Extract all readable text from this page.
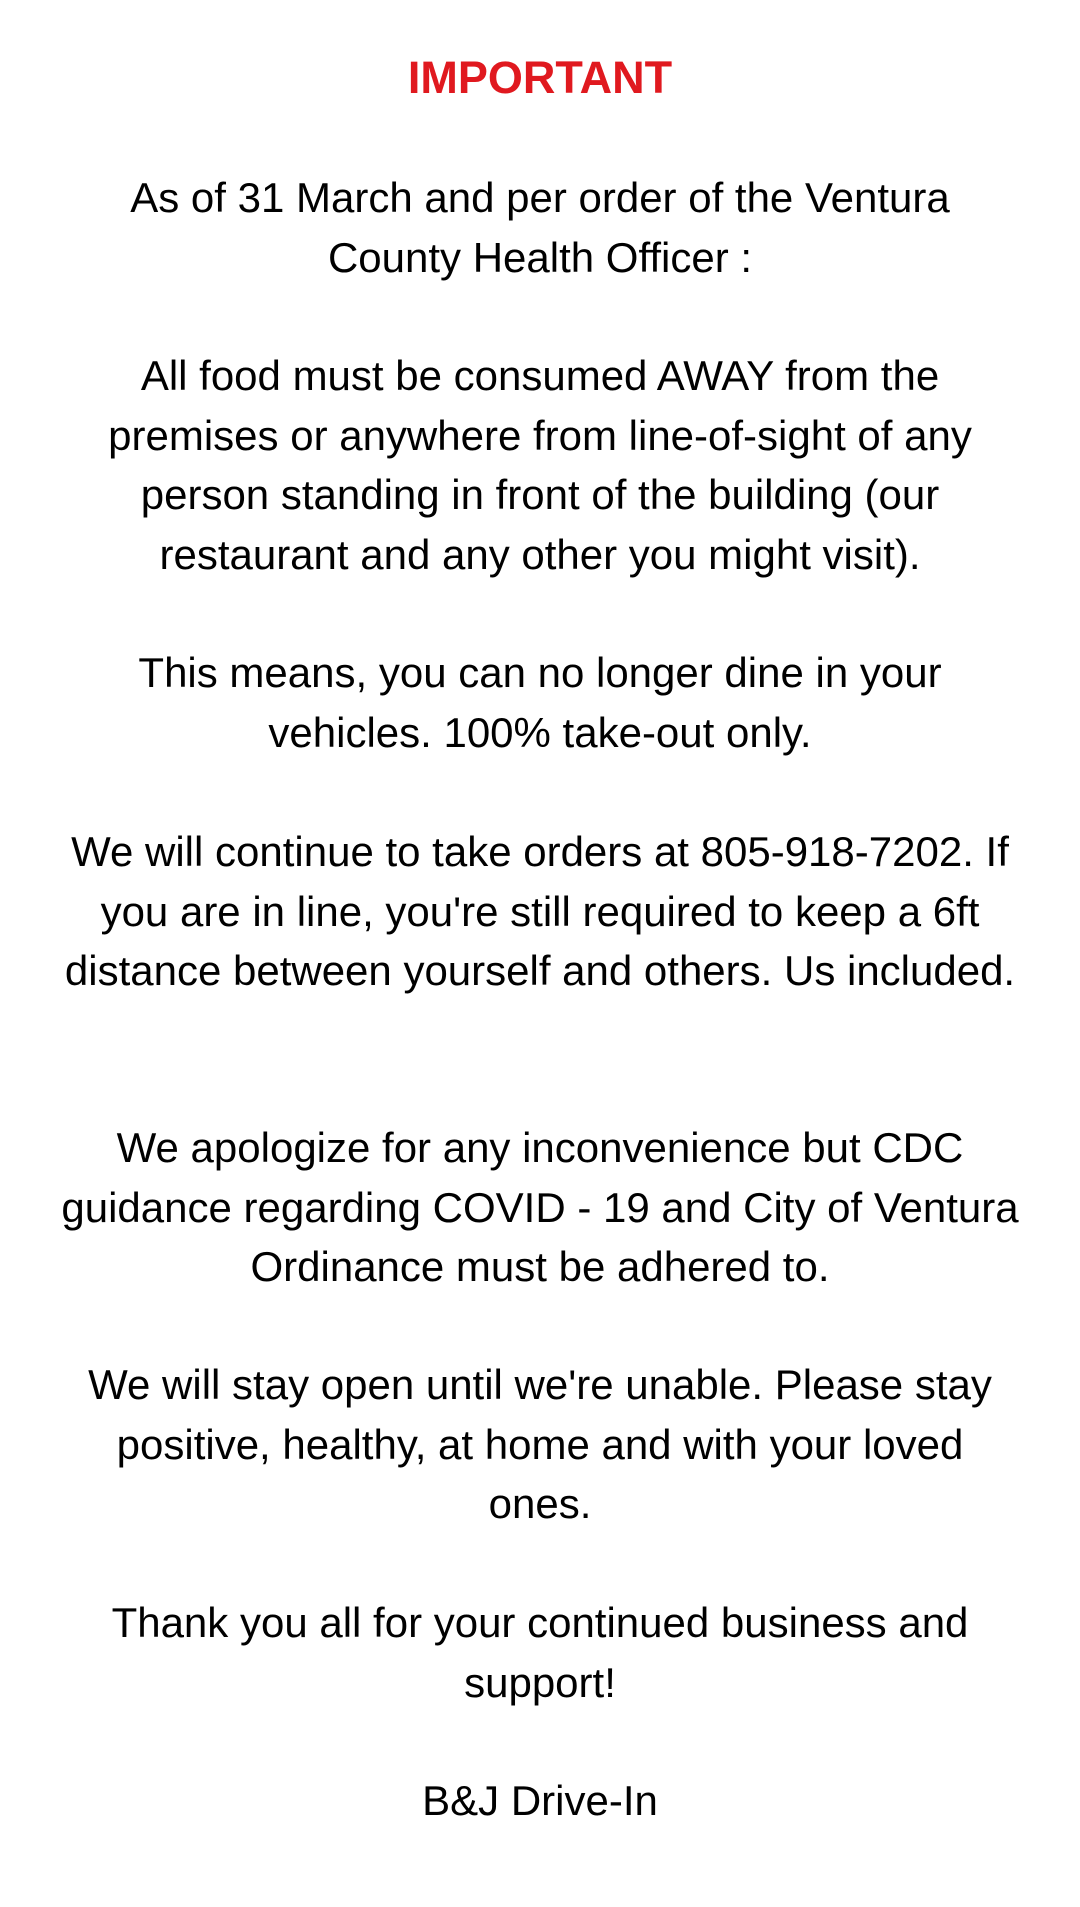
IMPORTANT

As of 31 March and per order of the Ventura County Health Officer :

All food must be consumed AWAY from the premises or anywhere from line-of-sight of any person standing in front of the building (our restaurant and any other you might visit).

This means, you can no longer dine in your vehicles. 100% take-out only.

We will continue to take orders at 805-918-7202. If you are in line, you're still required to keep a 6ft distance between yourself and others. Us included.

We apologize for any inconvenience but CDC guidance regarding COVID - 19 and City of Ventura Ordinance must be adhered to.

We will stay open until we're unable. Please stay positive, healthy, at home and with your loved ones.

Thank you all for your continued business and support!

B&J Drive-In
